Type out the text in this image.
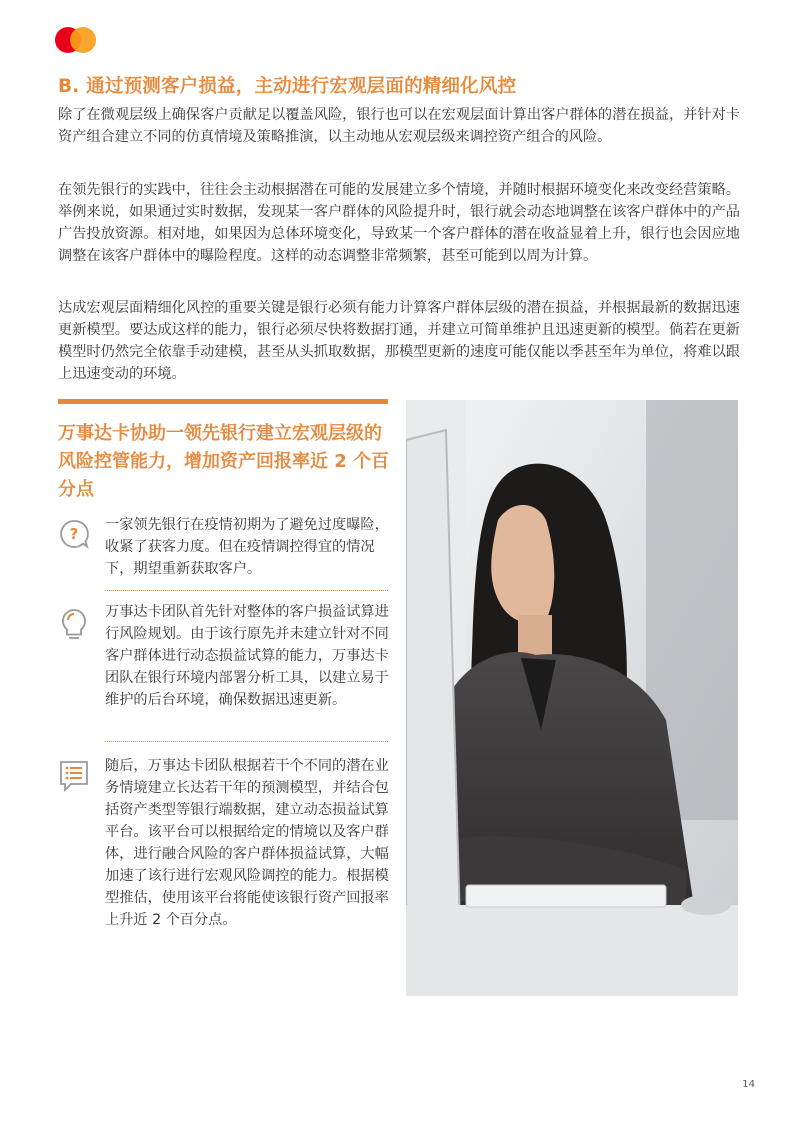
B. 通过预测客户损益，主动进行宏观层面的精细化风控

除了在微观层级上确保客户贡献足以覆盖风险，银行也可以在宏观层面计算出客户群体的潜在损益，并针对卡资产组合建立不同的仿真情境及策略推演，以主动地从宏观层级来调控资产组合的风险。

在领先银行的实践中，往往会主动根据潜在可能的发展建立多个情境，并随时根据环境变化来改变经营策略。举例来说，如果通过实时数据，发现某一客户群体的风险提升时，银行就会动态地调整在该客户群体中的产品广告投放资源。相对地，如果因为总体环境变化，导致某一个客户群体的潜在收益显着上升，银行也会因应地调整在该客户群体中的曝险程度。这样的动态调整非常频繁，甚至可能到以周为计算。

达成宏观层面精细化风控的重要关键是银行必须有能力计算客户群体层级的潜在损益，并根据最新的数据迅速更新模型。要达成这样的能力，银行必须尽快将数据打通，并建立可简单维护且迅速更新的模型。倘若在更新模型时仍然完全依靠手动建模，甚至从头抓取数据，那模型更新的速度可能仅能以季甚至年为单位，将难以跟上迅速变动的环境。

万事达卡协助一领先银行建立宏观层级的风险控管能力，增加资产回报率近 2 个百分点

? 一家领先银行在疫情初期为了避免过度曝险，收紧了获客力度。但在疫情调控得宜的情况下，期望重新获取客户。

万事达卡团队首先针对整体的客户损益试算进行风险规划。由于该行原先并未建立针对不同客户群体进行动态损益试算的能力，万事达卡团队在银行环境内部署分析工具，以建立易于维护的后台环境，确保数据迅速更新。

随后，万事达卡团队根据若干个不同的潜在业务情境建立长达若干年的预测模型，并结合包括资产类型等银行端数据，建立动态损益试算平台。该平台可以根据给定的情境以及客户群体，进行融合风险的客户群体损益试算，大幅加速了该行进行宏观风险调控的能力。根据模型推估，使用该平台将能使该银行资产回报率上升近 2 个百分点。

14
